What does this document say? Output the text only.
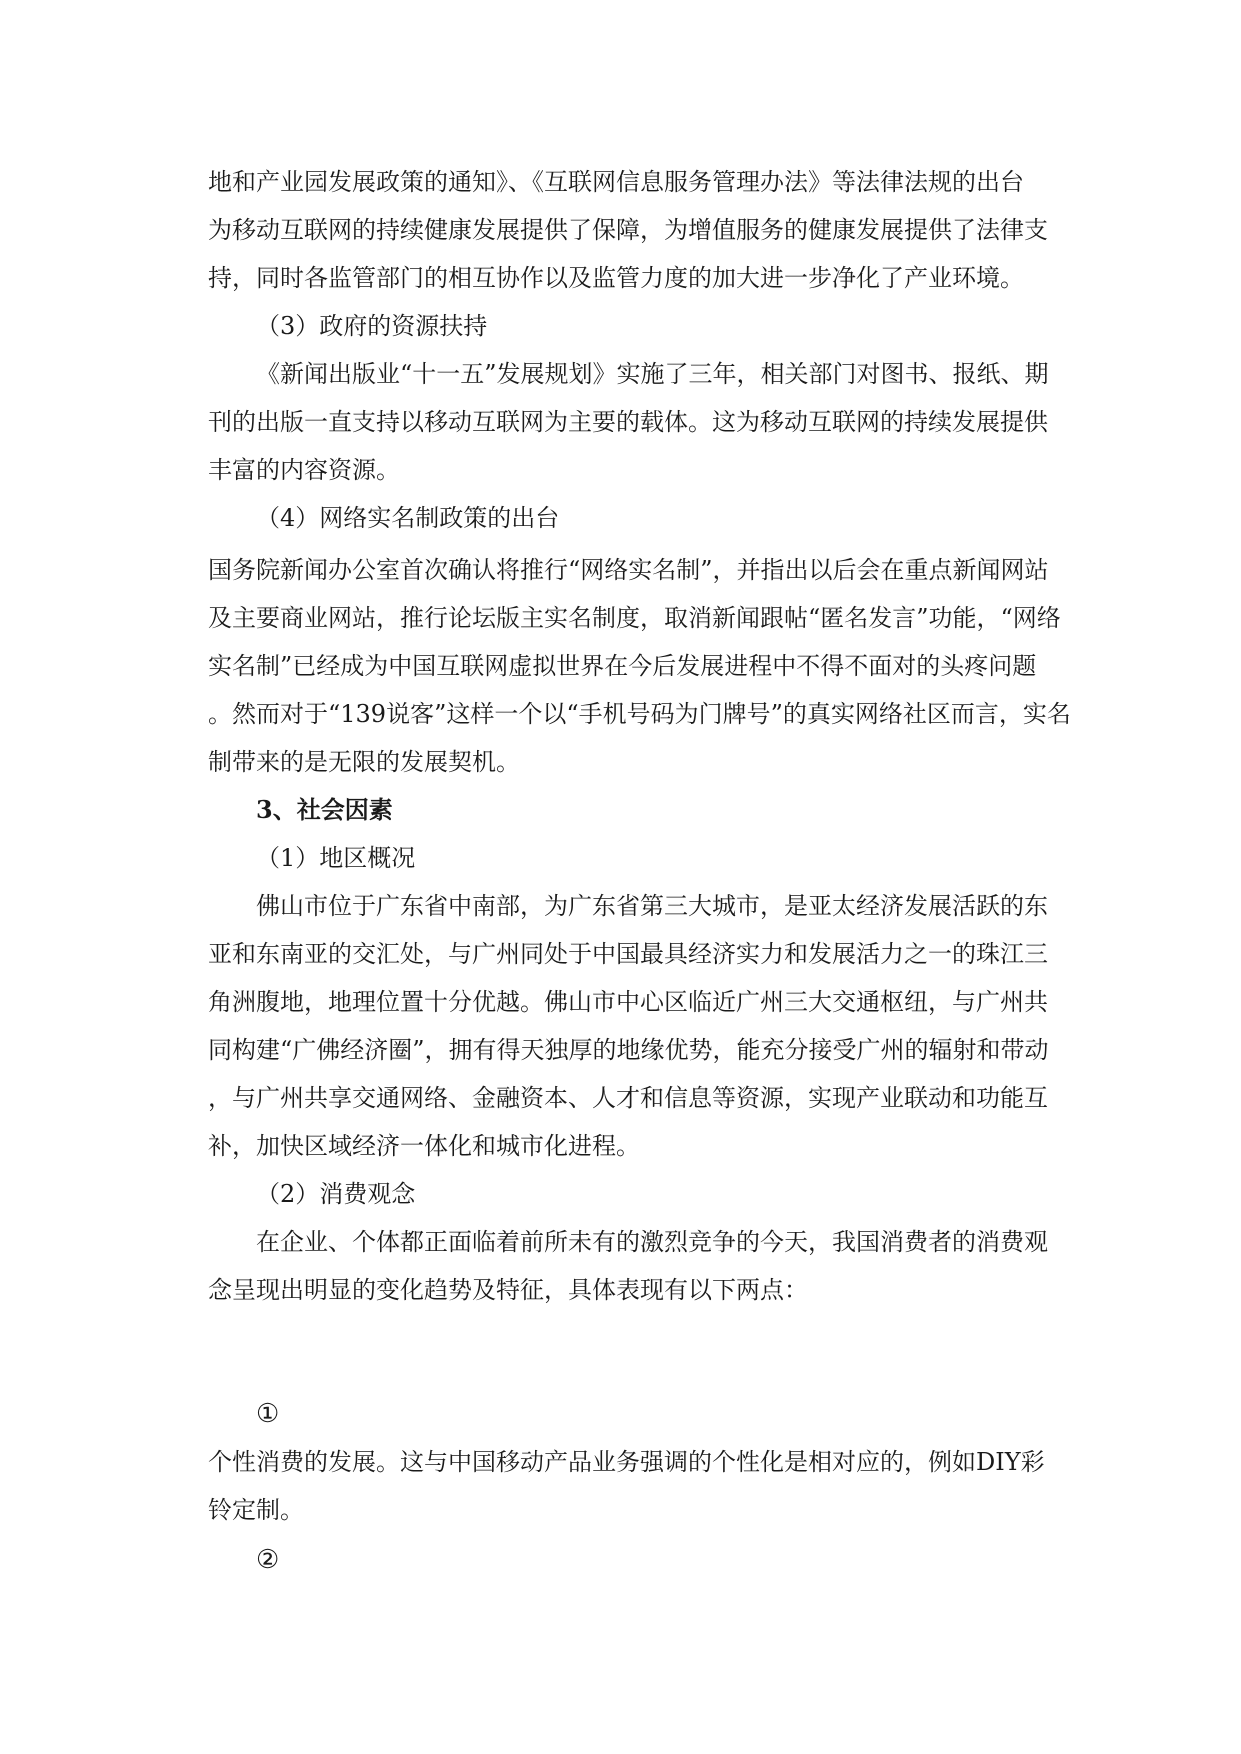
地和产业园发展政策的通知》、《互联网信息服务管理办法》等法律法规的出台
为移动互联网的持续健康发展提供了保障，为增值服务的健康发展提供了法律支
持，同时各监管部门的相互协作以及监管力度的加大进一步净化了产业环境。
（3）政府的资源扶持
《新闻出版业“十一五”发展规划》实施了三年，相关部门对图书、报纸、期
刊的出版一直支持以移动互联网为主要的载体。这为移动互联网的持续发展提供
丰富的内容资源。
（4）网络实名制政策的出台
国务院新闻办公室首次确认将推行“网络实名制”，并指出以后会在重点新闻网站
及主要商业网站，推行论坛版主实名制度，取消新闻跟帖“匿名发言”功能，“网络
实名制”已经成为中国互联网虚拟世界在今后发展进程中不得不面对的头疼问题
。然而对于“139说客”这样一个以“手机号码为门牌号”的真实网络社区而言，实名
制带来的是无限的发展契机。
3、社会因素
（1）地区概况
佛山市位于广东省中南部，为广东省第三大城市，是亚太经济发展活跃的东
亚和东南亚的交汇处，与广州同处于中国最具经济实力和发展活力之一的珠江三
角洲腹地，地理位置十分优越。佛山市中心区临近广州三大交通枢纽，与广州共
同构建“广佛经济圈”，拥有得天独厚的地缘优势，能充分接受广州的辐射和带动
，与广州共享交通网络、金融资本、人才和信息等资源，实现产业联动和功能互
补，加快区域经济一体化和城市化进程。
（2）消费观念
在企业、个体都正面临着前所未有的激烈竞争的今天，我国消费者的消费观
念呈现出明显的变化趋势及特征，具体表现有以下两点：
①
个性消费的发展。这与中国移动产品业务强调的个性化是相对应的，例如DIY彩
铃定制。
②
